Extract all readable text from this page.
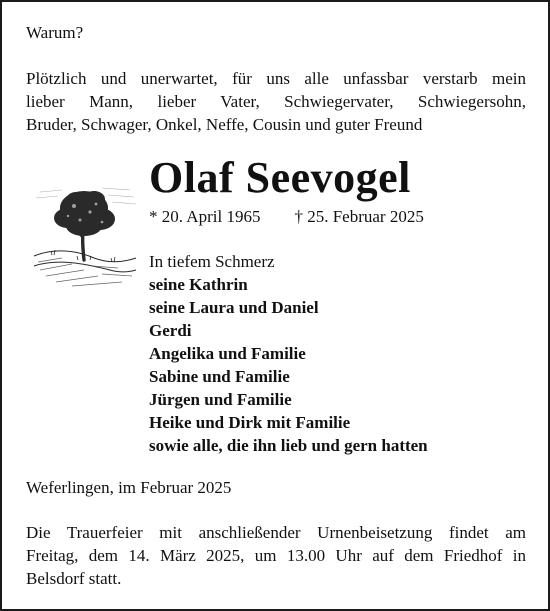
Warum?
Plötzlich und unerwartet, für uns alle unfassbar verstarb mein
lieber Mann, lieber Vater, Schwiegervater, Schwiegersohn,
Bruder, Schwager, Onkel, Neffe, Cousin und guter Freund
Olaf Seevogel
* 20. April 1965 † 25. Februar 2025
In tiefem Schmerz
seine Kathrin
seine Laura und Daniel
Gerdi
Angelika und Familie
Sabine und Familie
Jürgen und Familie
Heike und Dirk mit Familie
sowie alle, die ihn lieb und gern hatten
Weferlingen, im Februar 2025
Die Trauerfeier mit anschließender Urnenbeisetzung findet am
Freitag, dem 14. März 2025, um 13.00 Uhr auf dem Friedhof in
Belsdorf statt.
